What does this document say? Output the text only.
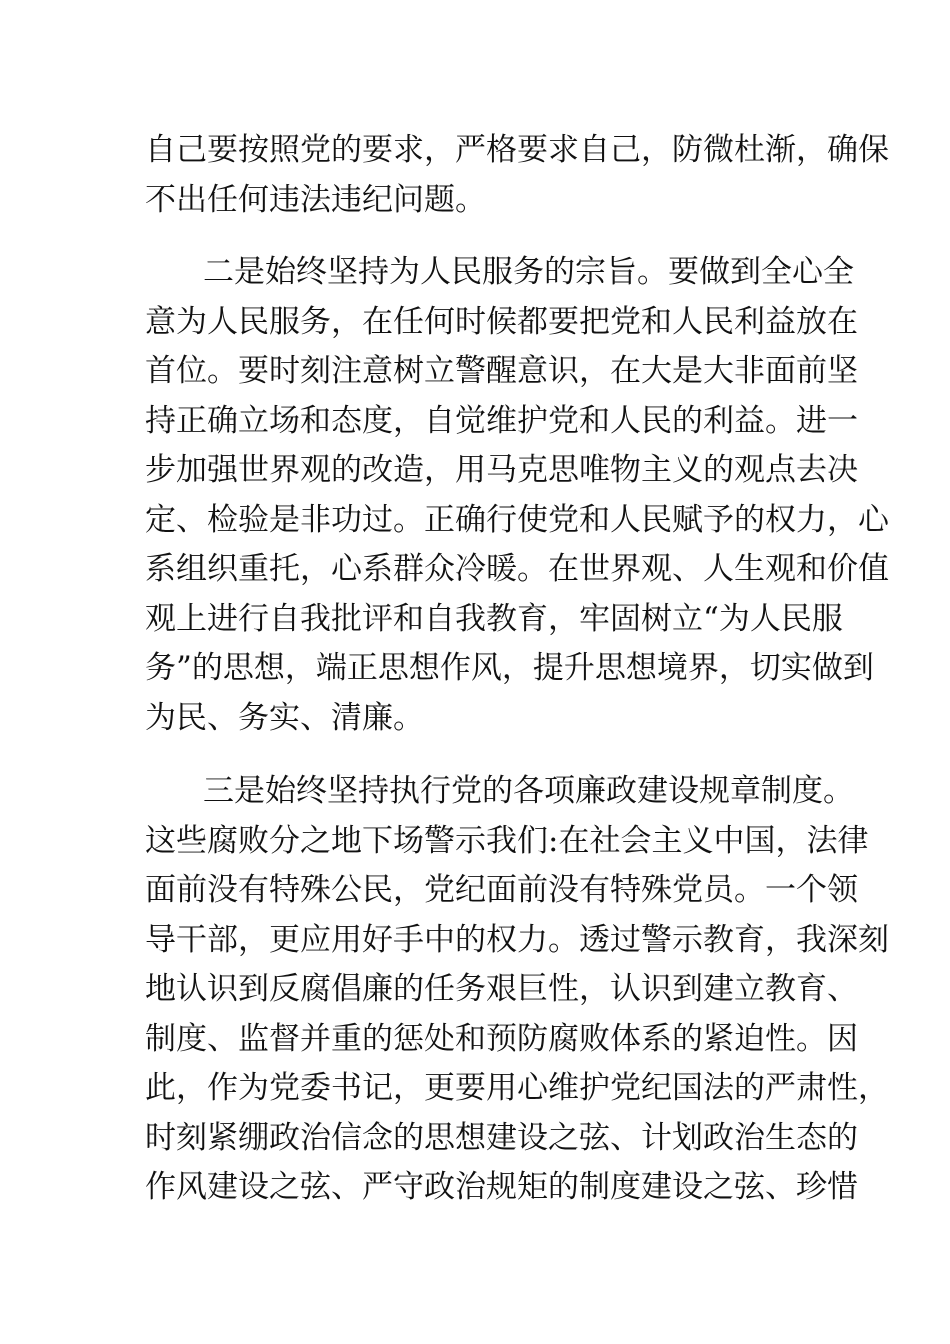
自己要按照党的要求，严格要求自己，防微杜渐，确保
不出任何违法违纪问题。
二是始终坚持为人民服务的宗旨。要做到全心全
意为人民服务，在任何时候都要把党和人民利益放在
首位。要时刻注意树立警醒意识，在大是大非面前坚
持正确立场和态度，自觉维护党和人民的利益。进一
步加强世界观的改造，用马克思唯物主义的观点去决
定、检验是非功过。正确行使党和人民赋予的权力，心
系组织重托，心系群众冷暖。在世界观、人生观和价值
观上进行自我批评和自我教育，牢固树立“为人民服
务”的思想，端正思想作风，提升思想境界，切实做到
为民、务实、清廉。
三是始终坚持执行党的各项廉政建设规章制度。
这些腐败分之地下场警示我们:在社会主义中国，法律
面前没有特殊公民，党纪面前没有特殊党员。一个领
导干部，更应用好手中的权力。透过警示教育，我深刻
地认识到反腐倡廉的任务艰巨性，认识到建立教育、
制度、监督并重的惩处和预防腐败体系的紧迫性。因
此，作为党委书记，更要用心维护党纪国法的严肃性，
时刻紧绷政治信念的思想建设之弦、计划政治生态的
作风建设之弦、严守政治规矩的制度建设之弦、珍惜
